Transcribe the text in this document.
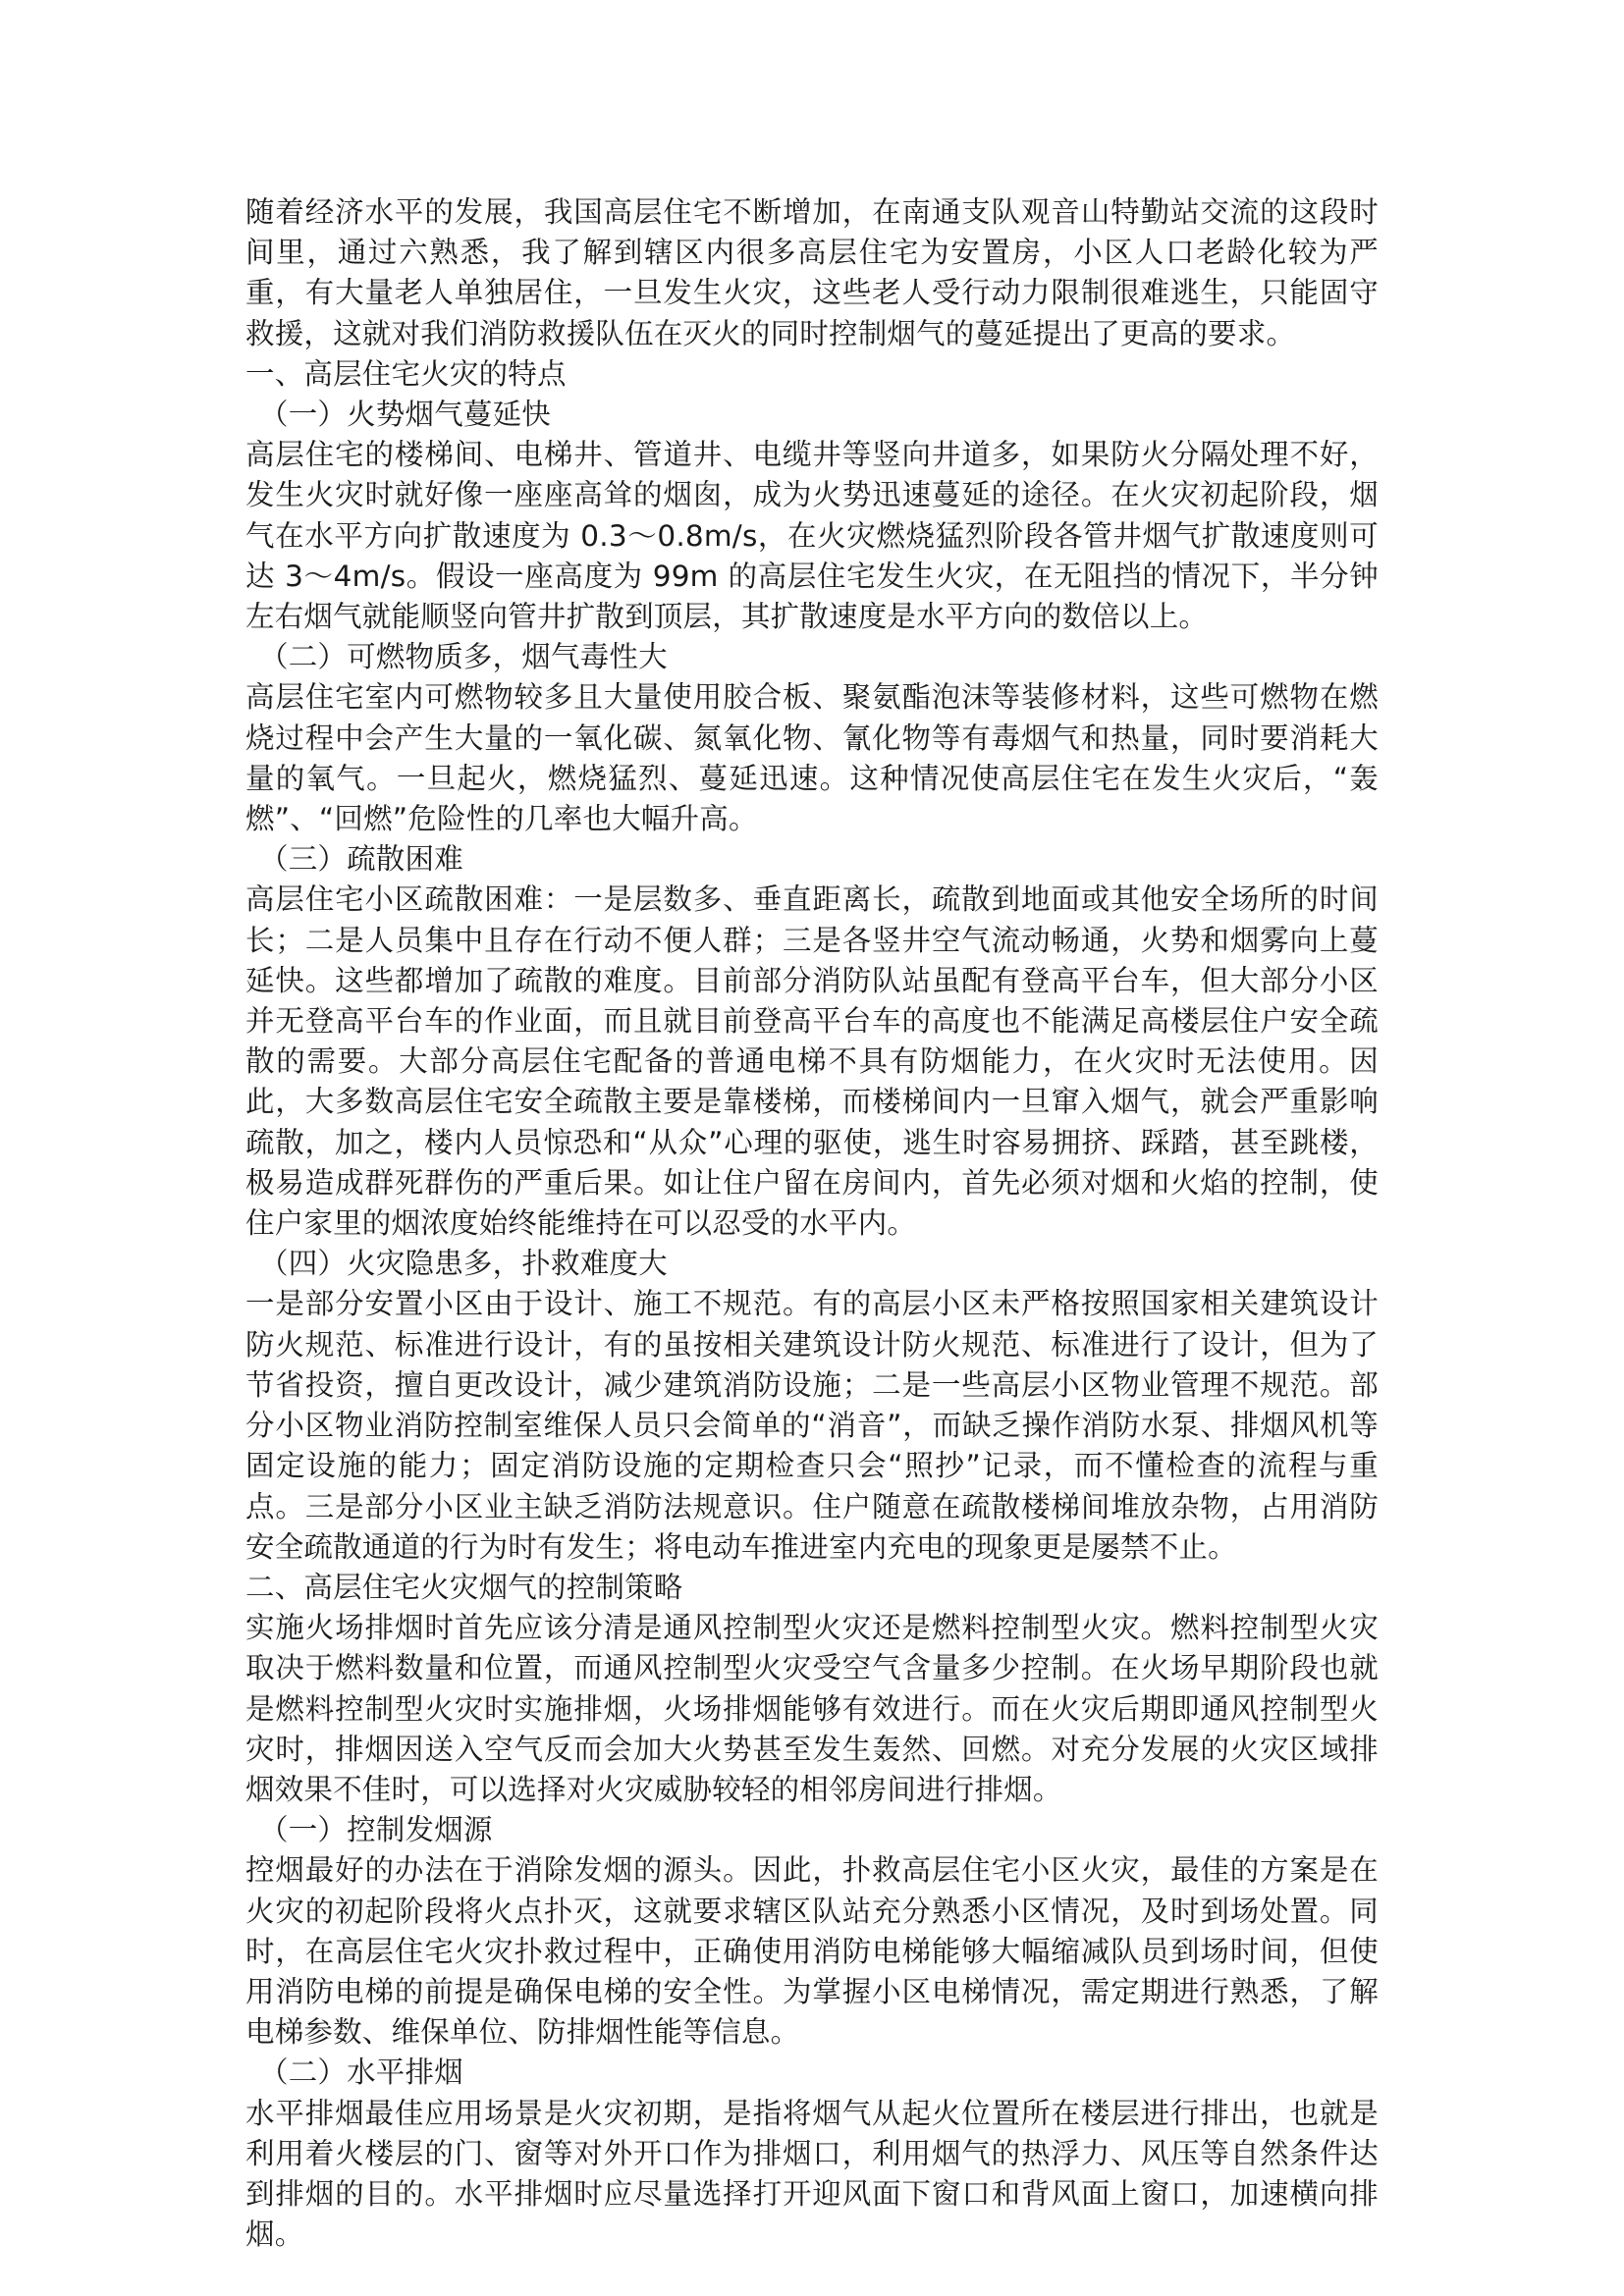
随着经济水平的发展，我国高层住宅不断增加，在南通支队观音山特勤站交流的这段时间里，通过六熟悉，我了解到辖区内很多高层住宅为安置房，小区人口老龄化较为严重，有大量老人单独居住，一旦发生火灾，这些老人受行动力限制很难逃生，只能固守救援，这就对我们消防救援队伍在灭火的同时控制烟气的蔓延提出了更高的要求。

一、高层住宅火灾的特点

（一）火势烟气蔓延快

高层住宅的楼梯间、电梯井、管道井、电缆井等竖向井道多，如果防火分隔处理不好，发生火灾时就好像一座座高耸的烟囱，成为火势迅速蔓延的途径。在火灾初起阶段，烟气在水平方向扩散速度为 0.3～0.8m/s，在火灾燃烧猛烈阶段各管井烟气扩散速度则可达 3～4m/s。假设一座高度为 99m 的高层住宅发生火灾，在无阻挡的情况下，半分钟左右烟气就能顺竖向管井扩散到顶层，其扩散速度是水平方向的数倍以上。

（二）可燃物质多，烟气毒性大

高层住宅室内可燃物较多且大量使用胶合板、聚氨酯泡沫等装修材料，这些可燃物在燃烧过程中会产生大量的一氧化碳、氮氧化物、氰化物等有毒烟气和热量，同时要消耗大量的氧气。一旦起火，燃烧猛烈、蔓延迅速。这种情况使高层住宅在发生火灾后，“轰燃”、“回燃”危险性的几率也大幅升高。

（三）疏散困难

高层住宅小区疏散困难：一是层数多、垂直距离长，疏散到地面或其他安全场所的时间长；二是人员集中且存在行动不便人群；三是各竖井空气流动畅通，火势和烟雾向上蔓延快。这些都增加了疏散的难度。目前部分消防队站虽配有登高平台车，但大部分小区并无登高平台车的作业面，而且就目前登高平台车的高度也不能满足高楼层住户安全疏散的需要。大部分高层住宅配备的普通电梯不具有防烟能力，在火灾时无法使用。因此，大多数高层住宅安全疏散主要是靠楼梯，而楼梯间内一旦窜入烟气，就会严重影响疏散，加之，楼内人员惊恐和“从众”心理的驱使，逃生时容易拥挤、踩踏，甚至跳楼，极易造成群死群伤的严重后果。如让住户留在房间内，首先必须对烟和火焰的控制，使住户家里的烟浓度始终能维持在可以忍受的水平内。

（四）火灾隐患多，扑救难度大

一是部分安置小区由于设计、施工不规范。有的高层小区未严格按照国家相关建筑设计防火规范、标准进行设计，有的虽按相关建筑设计防火规范、标准进行了设计，但为了节省投资，擅自更改设计，减少建筑消防设施；二是一些高层小区物业管理不规范。部分小区物业消防控制室维保人员只会简单的“消音”，而缺乏操作消防水泵、排烟风机等固定设施的能力；固定消防设施的定期检查只会“照抄”记录，而不懂检查的流程与重点。三是部分小区业主缺乏消防法规意识。住户随意在疏散楼梯间堆放杂物，占用消防安全疏散通道的行为时有发生；将电动车推进室内充电的现象更是屡禁不止。

二、高层住宅火灾烟气的控制策略

实施火场排烟时首先应该分清是通风控制型火灾还是燃料控制型火灾。燃料控制型火灾取决于燃料数量和位置，而通风控制型火灾受空气含量多少控制。在火场早期阶段也就是燃料控制型火灾时实施排烟，火场排烟能够有效进行。而在火灾后期即通风控制型火灾时，排烟因送入空气反而会加大火势甚至发生轰然、回燃。对充分发展的火灾区域排烟效果不佳时，可以选择对火灾威胁较轻的相邻房间进行排烟。

（一）控制发烟源

控烟最好的办法在于消除发烟的源头。因此，扑救高层住宅小区火灾，最佳的方案是在火灾的初起阶段将火点扑灭，这就要求辖区队站充分熟悉小区情况，及时到场处置。同时，在高层住宅火灾扑救过程中，正确使用消防电梯能够大幅缩减队员到场时间，但使用消防电梯的前提是确保电梯的安全性。为掌握小区电梯情况，需定期进行熟悉，了解电梯参数、维保单位、防排烟性能等信息。

（二）水平排烟

水平排烟最佳应用场景是火灾初期，是指将烟气从起火位置所在楼层进行排出，也就是利用着火楼层的门、窗等对外开口作为排烟口，利用烟气的热浮力、风压等自然条件达到排烟的目的。水平排烟时应尽量选择打开迎风面下窗口和背风面上窗口，加速横向排烟。
